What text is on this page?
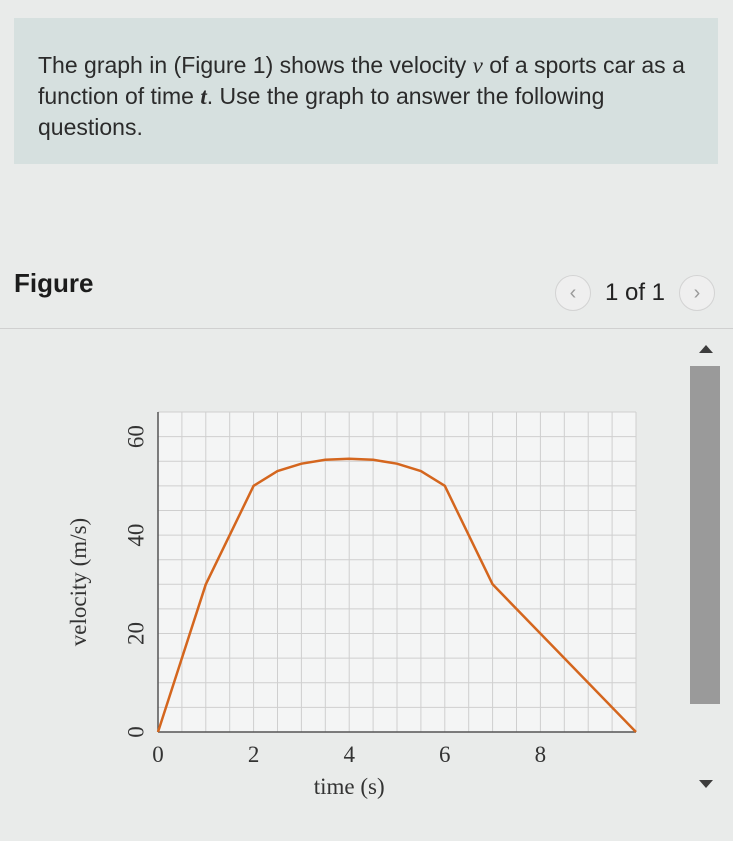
The graph in (Figure 1) shows the velocity v of a sports car as a function of time t. Use the graph to answer the following questions.
Figure	‹ 1 of 1 ›
0	2	4	6	8
0
20
40
60
time (s)
velocity (m/s)
